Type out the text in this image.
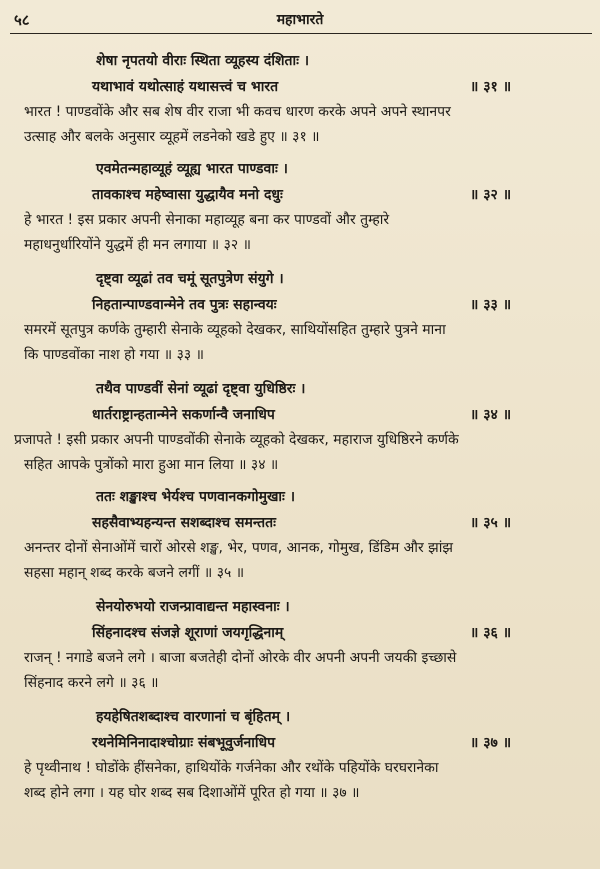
५८	महाभारते
शेषा नृपतयो वीराः स्थिता व्यूहस्य दंशिताः ।
यथाभावं यथोत्साहं यथासत्त्वं च भारत	॥ ३१ ॥
भारत ! पाण्डवोंके और सब शेष वीर राजा भी कवच धारण करके अपने अपने स्थानपर
उत्साह और बलके अनुसार व्यूहमें लडनेको खडे हुए ॥ ३१ ॥
एवमेतन्महाव्यूहं व्यूह्य भारत पाण्डवाः ।
तावकाश्च महेष्वासा युद्धायैव मनो दधुः	॥ ३२ ॥
हे भारत ! इस प्रकार अपनी सेनाका महाव्यूह बना कर पाण्डवों और तुम्हारे
महाधनुर्धारियोंने युद्धमें ही मन लगाया ॥ ३२ ॥
दृष्ट्वा व्यूढां तव चमूं सूतपुत्रेण संयुगे ।
निहतान्पाण्डवान्मेने तव पुत्रः सहान्वयः	॥ ३३ ॥
समरमें सूतपुत्र कर्णके तुम्हारी सेनाके व्यूहको देखकर, साथियोंसहित तुम्हारे पुत्रने माना
कि पाण्डवोंका नाश हो गया ॥ ३३ ॥
तथैव पाण्डवीं सेनां व्यूढां दृष्ट्वा युधिष्ठिरः ।
धार्तराष्ट्रान्हतान्मेने सकर्णान्वै जनाधिप	॥ ३४ ॥
प्रजापते ! इसी प्रकार अपनी पाण्डवोंकी सेनाके व्यूहको देखकर, महाराज युधिष्ठिरने कर्णके
सहित आपके पुत्रोंको मारा हुआ मान लिया ॥ ३४ ॥
ततः शङ्खाश्च भेर्यश्च पणवानकगोमुखाः ।
सहसैवाभ्यहन्यन्त सशब्दाश्च समन्ततः	॥ ३५ ॥
अनन्तर दोनों सेनाओंमें चारों ओरसे शङ्ख, भेर, पणव, आनक, गोमुख, डिंडिम और झांझ
सहसा महान् शब्द करके बजने लगीं ॥ ३५ ॥
सेनयोरुभयो राजन्प्रावाद्यन्त महास्वनाः ।
सिंहनादश्च संजज्ञे शूराणां जयगृद्धिनाम्	॥ ३६ ॥
राजन् ! नगाडे बजने लगे । बाजा बजतेही दोनों ओरके वीर अपनी अपनी जयकी इच्छासे
सिंहनाद करने लगे ॥ ३६ ॥
हयहेषितशब्दाश्च वारणानां च बृंहितम् ।
रथनेमिनिनादाश्चोग्राः संबभूवुर्जनाधिप	॥ ३७ ॥
हे पृथ्वीनाथ ! घोडोंके हींसनेका, हाथियोंके गर्जनेका और रथोंके पहियोंके घरघरानेका
शब्द होने लगा । यह घोर शब्द सब दिशाओंमें पूरित हो गया ॥ ३७ ॥
